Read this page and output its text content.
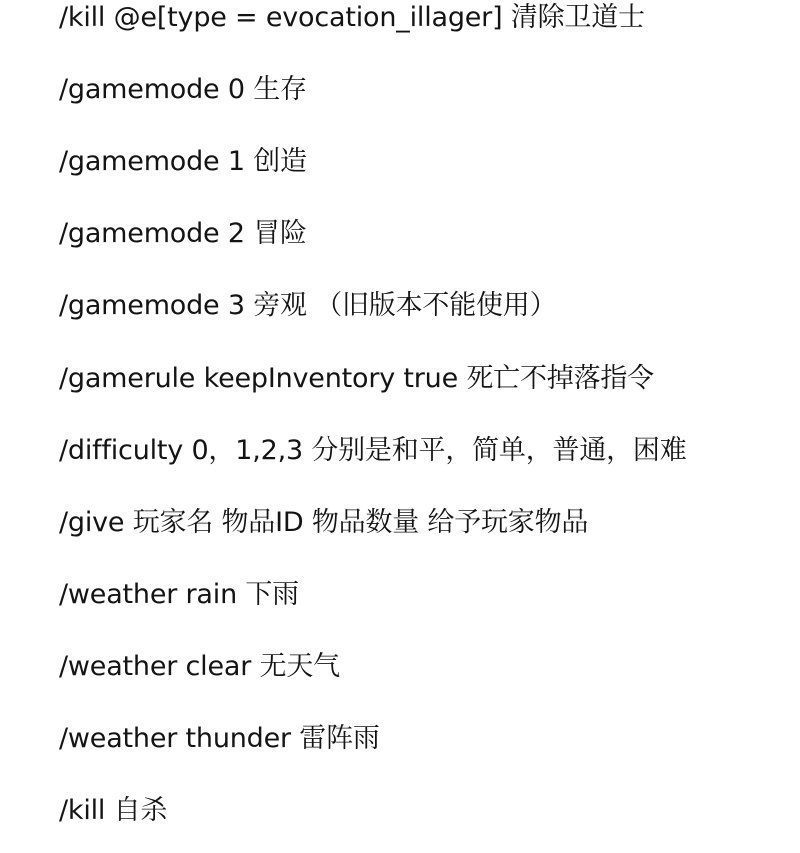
/kill @e[type = evocation_illager] 清除卫道士
/gamemode 0 生存
/gamemode 1 创造
/gamemode 2 冒险
/gamemode 3 旁观 （旧版本不能使用）
/gamerule keepInventory true 死亡不掉落指令
/difficulty 0，1,2,3 分别是和平，简单，普通，困难
/give 玩家名 物品ID 物品数量 给予玩家物品
/weather rain 下雨
/weather clear 无天气
/weather thunder 雷阵雨
/kill 自杀
